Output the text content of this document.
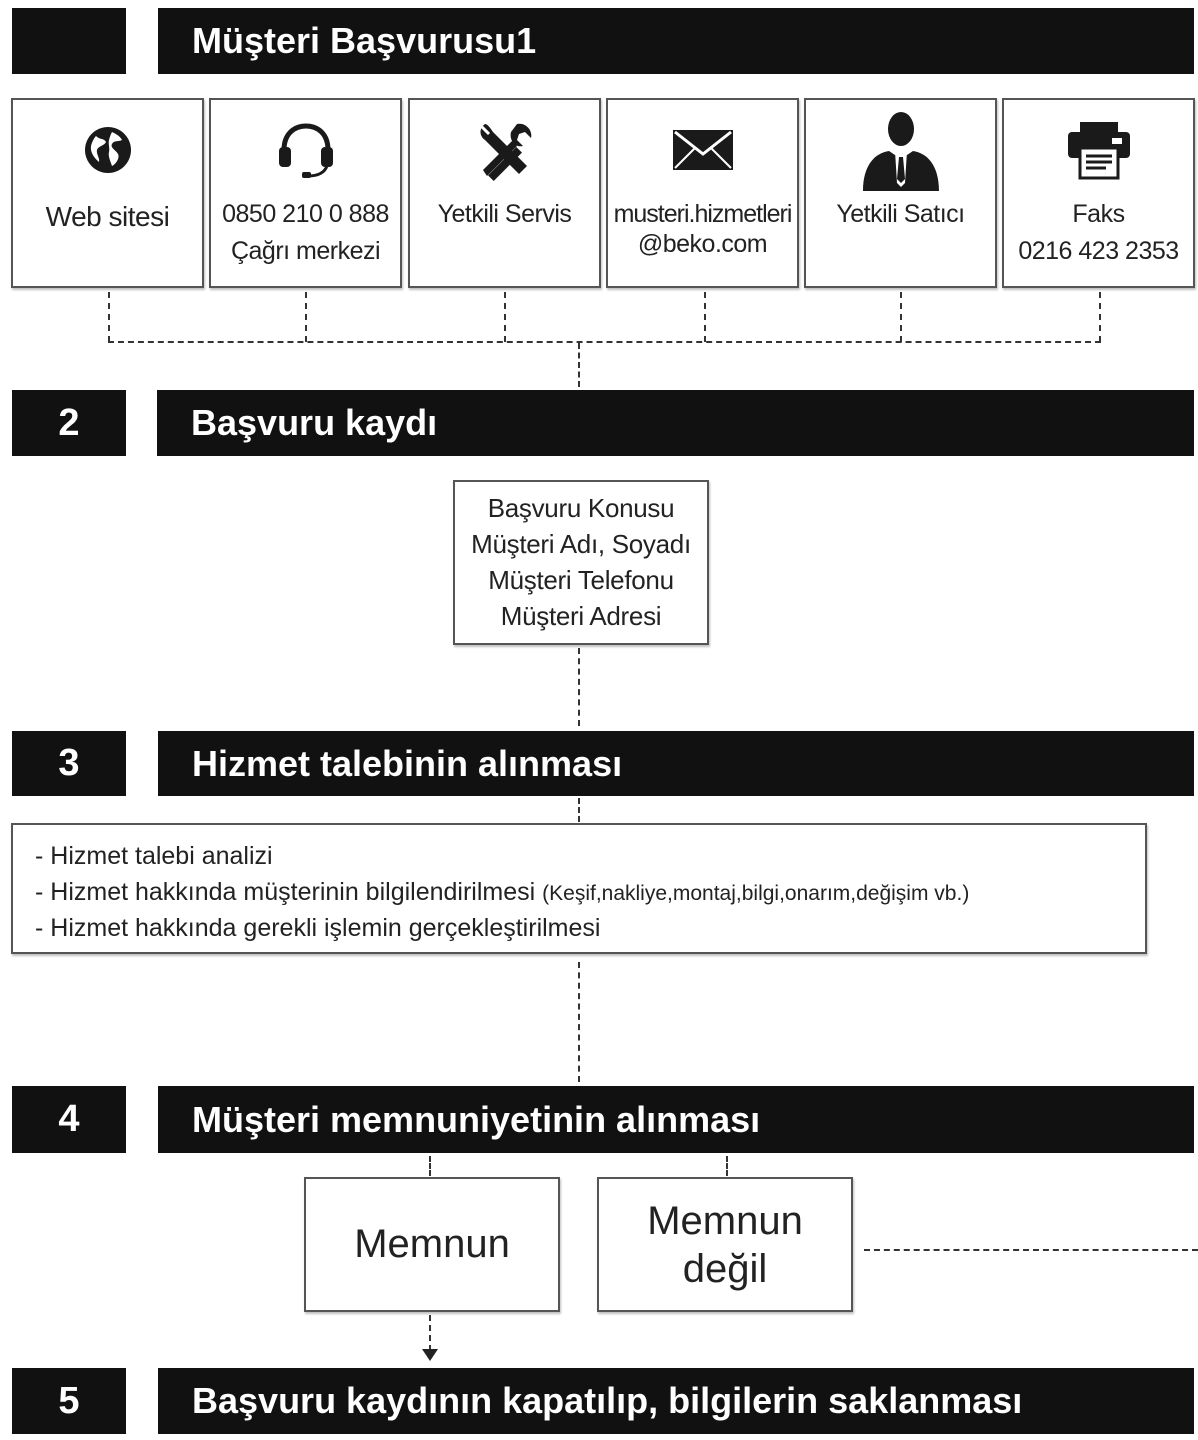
Müşteri Başvurusu1
Web sitesi	0850 210 0 888
Çağrı merkezi
Yetkili Servis	musteri.hizmetleri
@beko.com
Yetkili Satıcı	Faks
0216 423 2353
2	Başvuru kaydı
Başvuru Konusu
Müşteri Adı, Soyadı
Müşteri Telefonu
Müşteri Adresi
3	Hizmet talebinin alınması
- Hizmet talebi analizi
- Hizmet hakkında müşterinin bilgilendirilmesi (Keşif,nakliye,montaj,bilgi,onarım,değişim vb.)
- Hizmet hakkında gerekli işlemin gerçekleştirilmesi
4	Müşteri memnuniyetinin alınması
Memnun
Memnun
değil
5	Başvuru kaydının kapatılıp, bilgilerin saklanması
